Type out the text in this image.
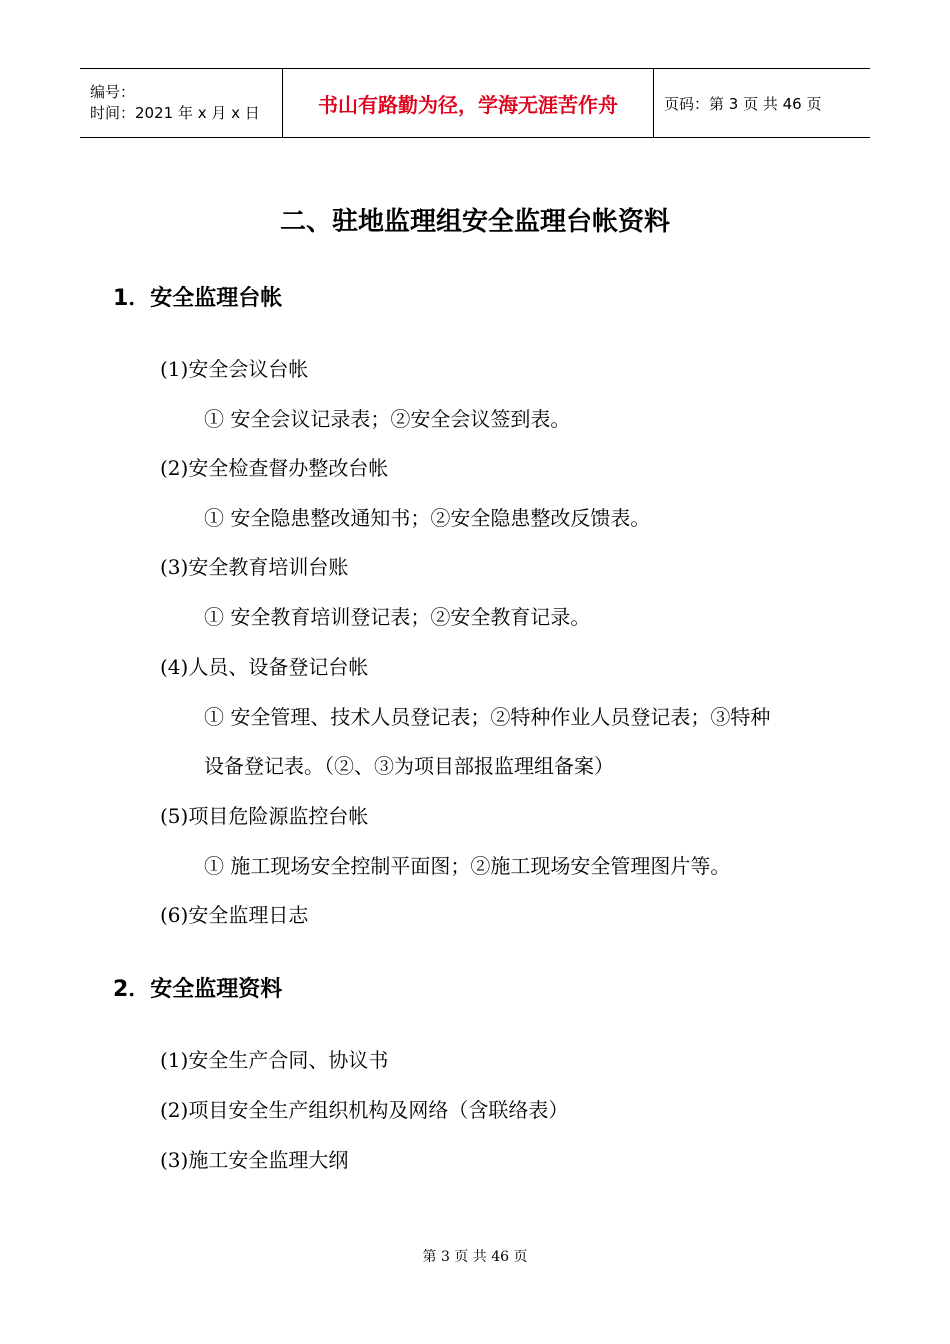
编号：
时间：2021 年 x 月 x 日	书山有路勤为径，学海无涯苦作舟	页码：第 3 页 共 46 页
二、驻地监理组安全监理台帐资料
1．安全监理台帐
(1)安全会议台帐
① 安全会议记录表；②安全会议签到表。
(2)安全检查督办整改台帐
① 安全隐患整改通知书；②安全隐患整改反馈表。
(3)安全教育培训台账
① 安全教育培训登记表；②安全教育记录。
(4)人员、设备登记台帐
① 安全管理、技术人员登记表；②特种作业人员登记表；③特种
设备登记表。（②、③为项目部报监理组备案）
(5)项目危险源监控台帐
① 施工现场安全控制平面图；②施工现场安全管理图片等。
(6)安全监理日志
2．安全监理资料
(1)安全生产合同、协议书
(2)项目安全生产组织机构及网络（含联络表）
(3)施工安全监理大纲
第 3 页 共 46 页
